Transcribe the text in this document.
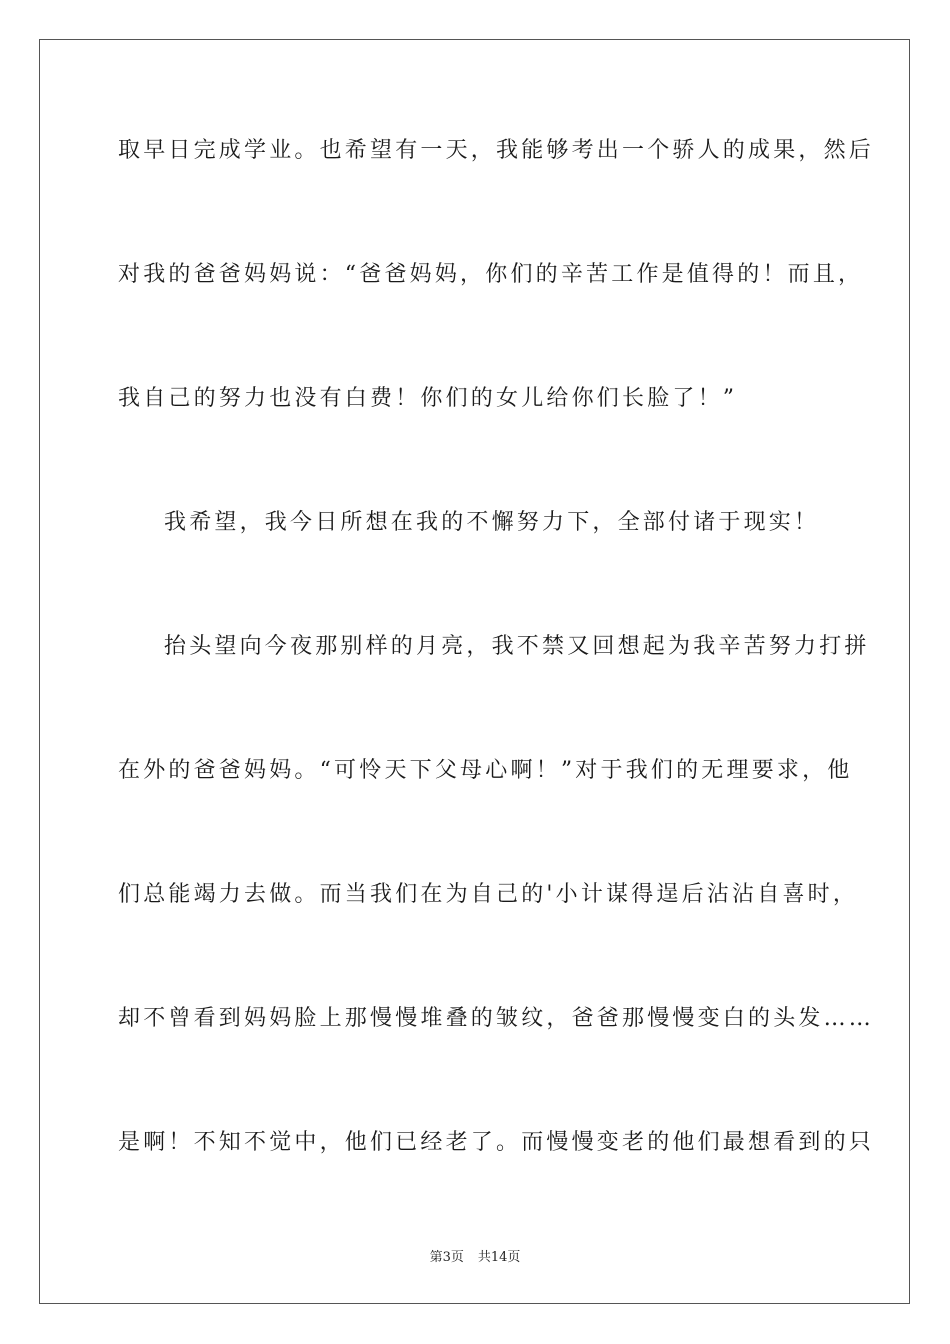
取早日完成学业。也希望有一天，我能够考出一个骄人的成果，然后
对我的爸爸妈妈说：“爸爸妈妈，你们的辛苦工作是值得的！而且，
我自己的努力也没有白费！你们的女儿给你们长脸了！”
我希望，我今日所想在我的不懈努力下，全部付诸于现实！
抬头望向今夜那别样的月亮，我不禁又回想起为我辛苦努力打拼
在外的爸爸妈妈。“可怜天下父母心啊！”对于我们的无理要求，他
们总能竭力去做。而当我们在为自己的'小计谋得逞后沾沾自喜时，
却不曾看到妈妈脸上那慢慢堆叠的皱纹，爸爸那慢慢变白的头发……
是啊！不知不觉中，他们已经老了。而慢慢变老的他们最想看到的只
第3页 共14页
